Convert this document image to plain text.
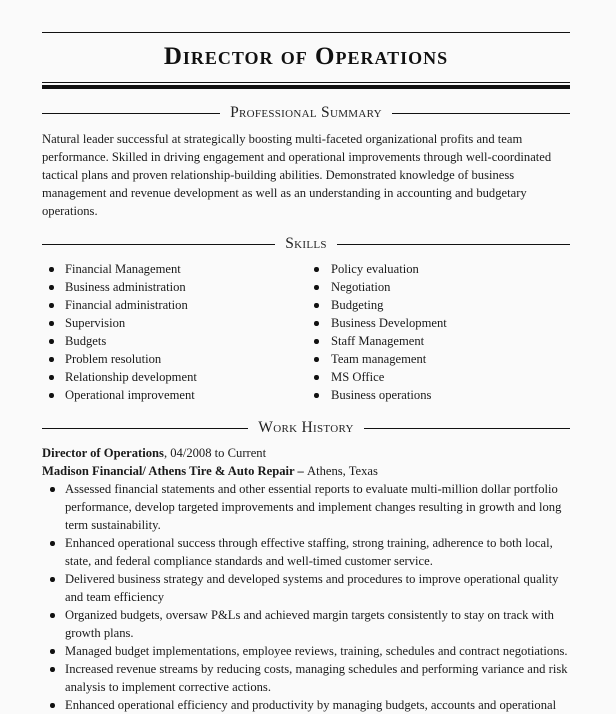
Director of Operations
Professional Summary

Natural leader successful at strategically boosting multi-faceted organizational profits and team performance. Skilled in driving engagement and operational improvements through well-coordinated tactical plans and proven relationship-building abilities. Demonstrated knowledge of business management and revenue development as well as an understanding in accounting and budgetary operations.

Skills
Financial Management
Business administration
Financial administration
Supervision
Budgets
Problem resolution
Relationship development
Operational improvement
Policy evaluation
Negotiation
Budgeting
Business Development
Staff Management
Team management
MS Office
Business operations
Work History
Director of Operations, 04/2008 to Current
Madison Financial/ Athens Tire & Auto Repair – Athens, Texas
Assessed financial statements and other essential reports to evaluate multi-million dollar portfolio performance, develop targeted improvements and implement changes resulting in growth and long term sustainability.
Enhanced operational success through effective staffing, strong training, adherence to both local, state, and federal compliance standards and well-timed customer service.
Delivered business strategy and developed systems and procedures to improve operational quality and team efficiency
Organized budgets, oversaw P&Ls and achieved margin targets consistently to stay on track with growth plans.
Managed budget implementations, employee reviews, training, schedules and contract negotiations.
Increased revenue streams by reducing costs, managing schedules and performing variance and risk analysis to implement corrective actions.
Enhanced operational efficiency and productivity by managing budgets, accounts and operational
